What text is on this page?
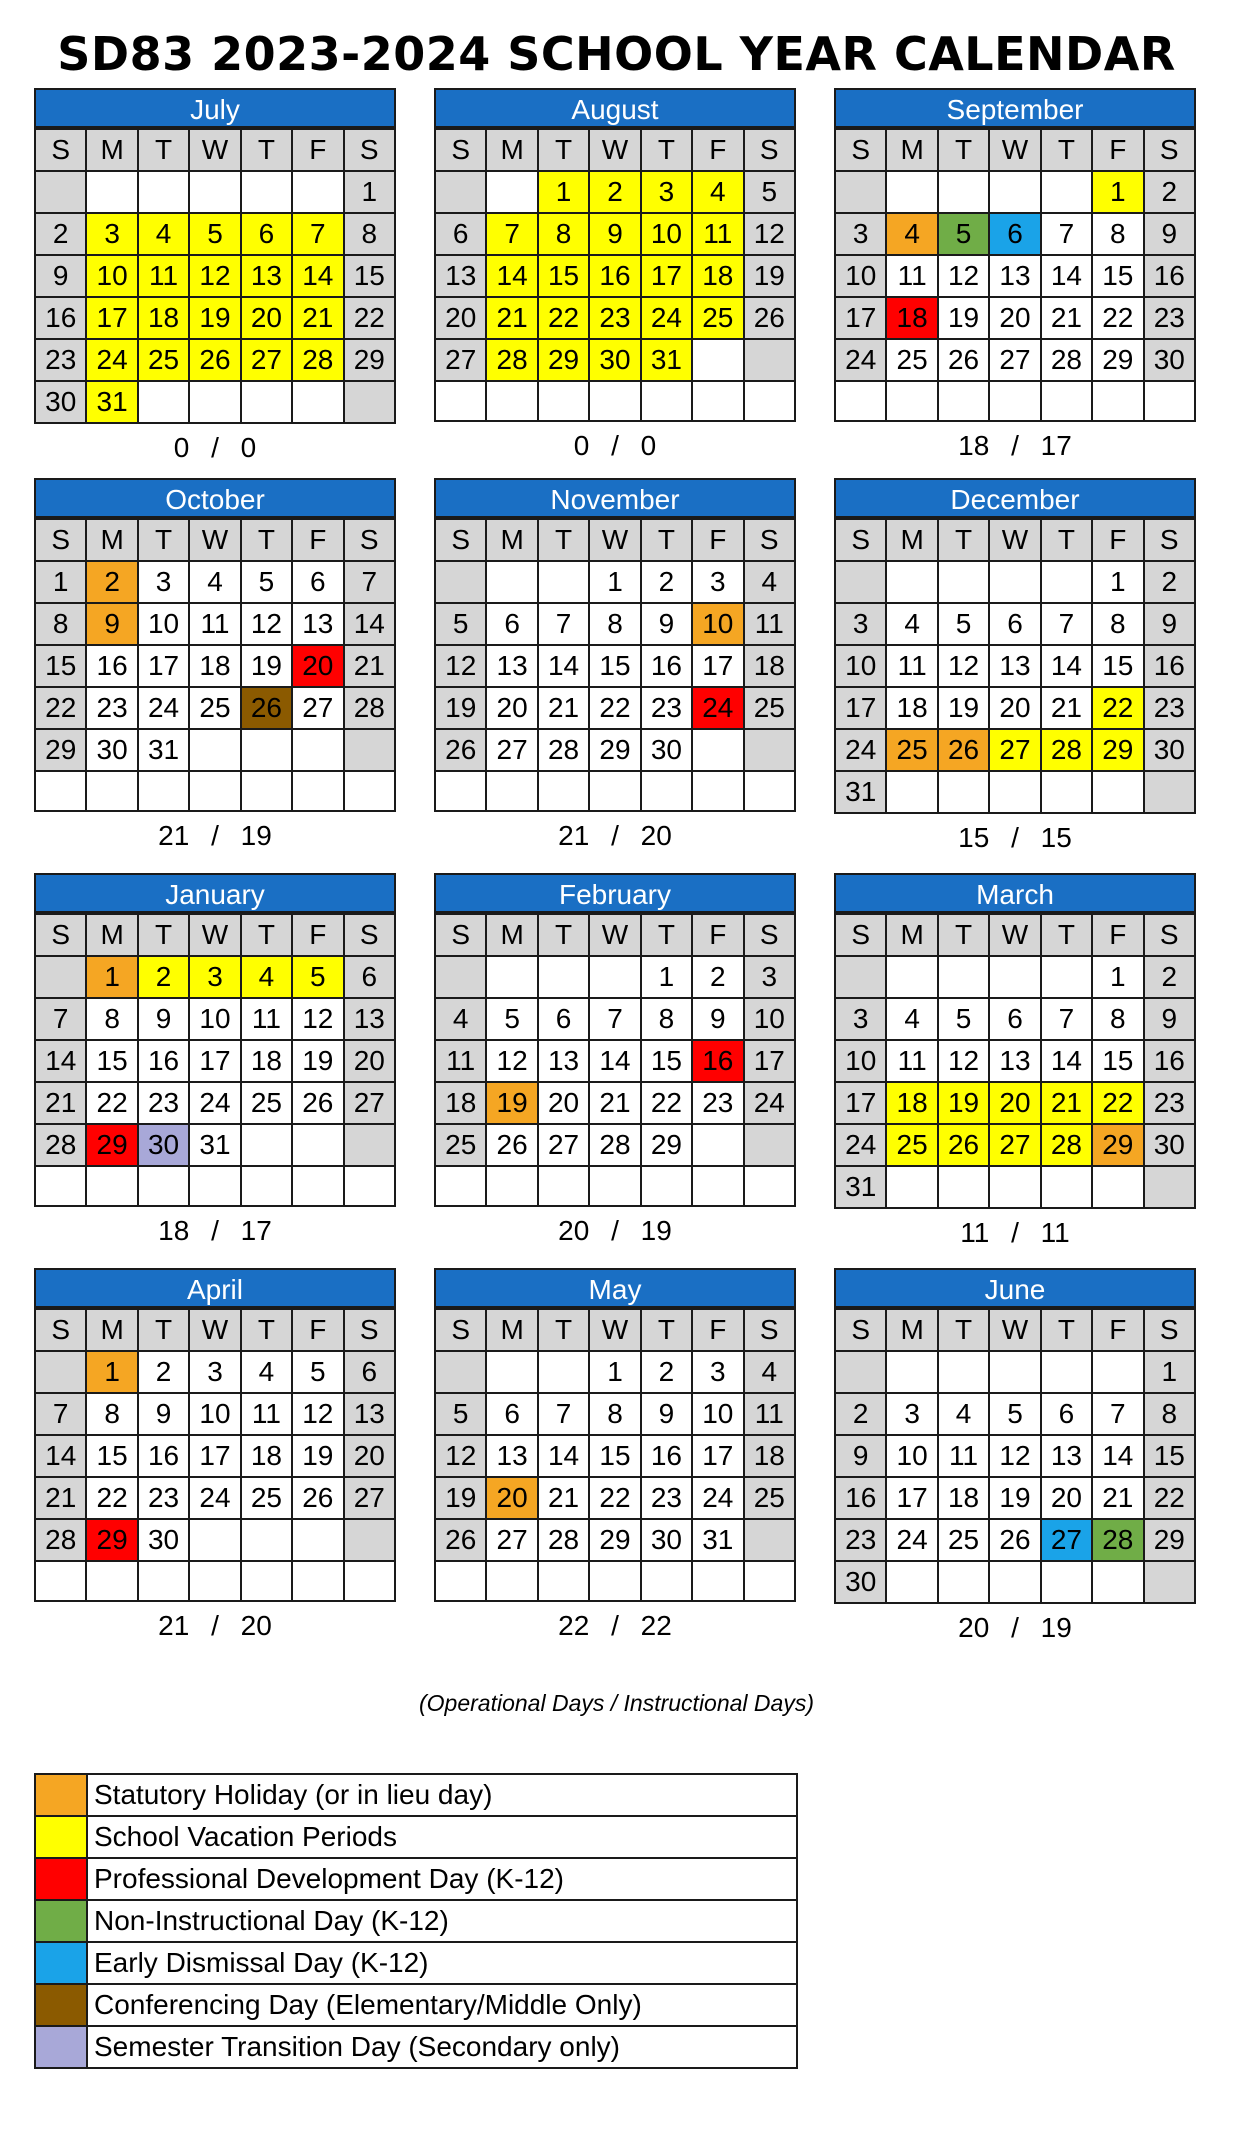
SD83 2023-2024 SCHOOL YEAR CALENDAR
July
S	M	T	W	T	F	S
						1
2	3	4	5	6	7	8
9	10	11	12	13	14	15
16	17	18	19	20	21	22
23	24	25	26	27	28	29
30	31					
0 / 0
August
S	M	T	W	T	F	S
		1	2	3	4	5
6	7	8	9	10	11	12
13	14	15	16	17	18	19
20	21	22	23	24	25	26
27	28	29	30	31		

0 / 0
September
S	M	T	W	T	F	S
					1	2
3	4	5	6	7	8	9
10	11	12	13	14	15	16
17	18	19	20	21	22	23
24	25	26	27	28	29	30

18 / 17
October
S	M	T	W	T	F	S
1	2	3	4	5	6	7
8	9	10	11	12	13	14
15	16	17	18	19	20	21
22	23	24	25	26	27	28
29	30	31				

21 / 19
November
S	M	T	W	T	F	S
			1	2	3	4
5	6	7	8	9	10	11
12	13	14	15	16	17	18
19	20	21	22	23	24	25
26	27	28	29	30		

21 / 20
December
S	M	T	W	T	F	S
					1	2
3	4	5	6	7	8	9
10	11	12	13	14	15	16
17	18	19	20	21	22	23
24	25	26	27	28	29	30
31						
15 / 15
January
S	M	T	W	T	F	S
	1	2	3	4	5	6
7	8	9	10	11	12	13
14	15	16	17	18	19	20
21	22	23	24	25	26	27
28	29	30	31			

18 / 17
February
S	M	T	W	T	F	S
				1	2	3
4	5	6	7	8	9	10
11	12	13	14	15	16	17
18	19	20	21	22	23	24
25	26	27	28	29		

20 / 19
March
S	M	T	W	T	F	S
					1	2
3	4	5	6	7	8	9
10	11	12	13	14	15	16
17	18	19	20	21	22	23
24	25	26	27	28	29	30
31						
11 / 11
April
S	M	T	W	T	F	S
	1	2	3	4	5	6
7	8	9	10	11	12	13
14	15	16	17	18	19	20
21	22	23	24	25	26	27
28	29	30				

21 / 20
May
S	M	T	W	T	F	S
			1	2	3	4
5	6	7	8	9	10	11
12	13	14	15	16	17	18
19	20	21	22	23	24	25
26	27	28	29	30	31	

22 / 22
June
S	M	T	W	T	F	S
						1
2	3	4	5	6	7	8
9	10	11	12	13	14	15
16	17	18	19	20	21	22
23	24	25	26	27	28	29
30						
20 / 19
(Operational Days / Instructional Days)
	Statutory Holiday (or in lieu day)
	School Vacation Periods
	Professional Development Day (K-12)
	Non-Instructional Day (K-12)
	Early Dismissal Day (K-12)
	Conferencing Day (Elementary/Middle Only)
	Semester Transition Day (Secondary only)
